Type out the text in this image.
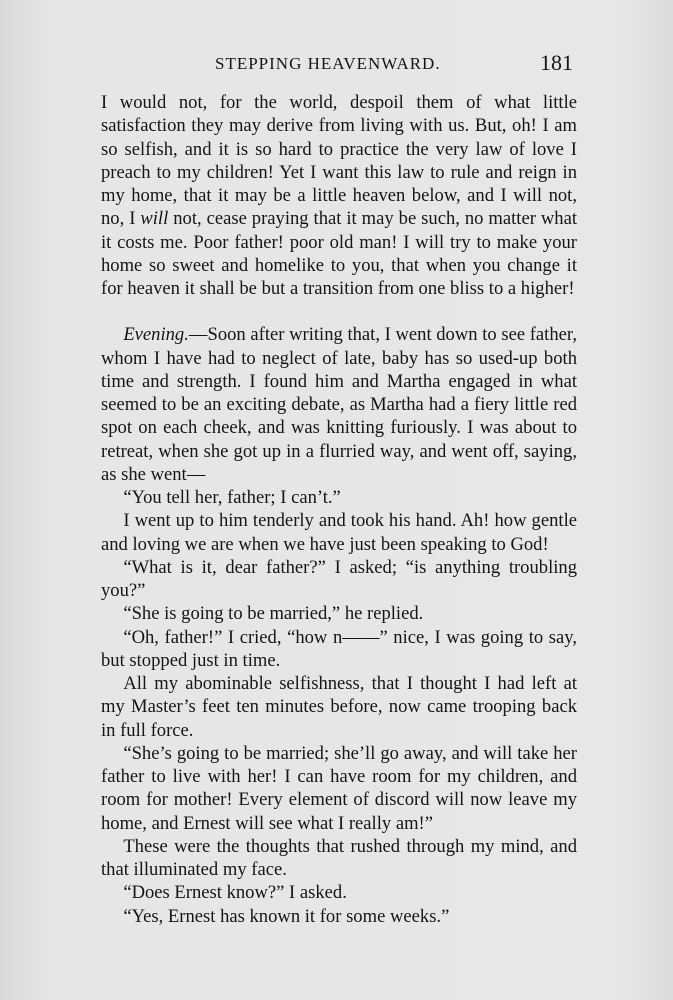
STEPPING HEAVENWARD.	181

I would not, for the world, despoil them of what little satisfaction they may derive from living with us. But, oh! I am so selfish, and it is so hard to practice the very law of love I preach to my children! Yet I want this law to rule and reign in my home, that it may be a little heaven below, and I will not, no, I will not, cease praying that it may be such, no matter what it costs me. Poor father! poor old man! I will try to make your home so sweet and homelike to you, that when you change it for heaven it shall be but a transition from one bliss to a higher!

Evening.—Soon after writing that, I went down to see father, whom I have had to neglect of late, baby has so used-up both time and strength. I found him and Martha engaged in what seemed to be an exciting debate, as Martha had a fiery little red spot on each cheek, and was knitting furiously. I was about to retreat, when she got up in a flurried way, and went off, saying, as she went—

“You tell her, father; I can’t.”

I went up to him tenderly and took his hand. Ah! how gentle and loving we are when we have just been speaking to God!

“What is it, dear father?” I asked; “is anything troubling you?”

“She is going to be married,” he replied.

“Oh, father!” I cried, “how n——” nice, I was going to say, but stopped just in time.

All my abominable selfishness, that I thought I had left at my Master’s feet ten minutes before, now came trooping back in full force.

“She’s going to be married; she’ll go away, and will take her father to live with her! I can have room for my children, and room for mother! Every element of discord will now leave my home, and Ernest will see what I really am!”

These were the thoughts that rushed through my mind, and that illuminated my face.

“Does Ernest know?” I asked.

“Yes, Ernest has known it for some weeks.”
